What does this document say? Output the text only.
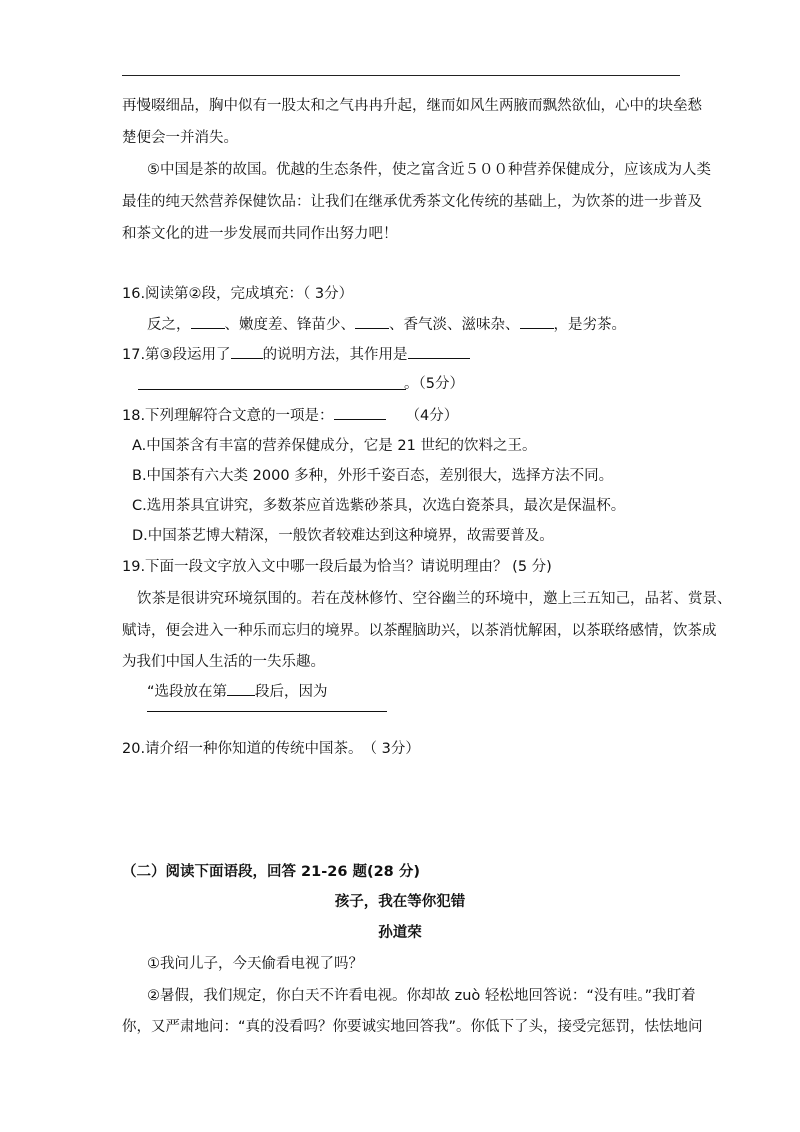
再慢啜细品，胸中似有一股太和之气冉冉升起，继而如风生两腋而飘然欲仙，心中的块垒愁
楚便会一并消失。
⑤中国是茶的故国。优越的生态条件，使之富含近５００种营养保健成分，应该成为人类
最佳的纯天然营养保健饮品：让我们在继承优秀茶文化传统的基础上，为饮茶的进一步普及
和茶文化的进一步发展而共同作出努力吧！
16.阅读第②段，完成填充：（ 3分）
反之， 、嫩度差、锋苗少、 、香气淡、滋味杂、 ，是劣茶。
17.第③段运用了 的说明方法，其作用是
。（5分）
18.下列理解符合文意的一项是：	（4分）
A.中国茶含有丰富的营养保健成分，它是 21 世纪的饮料之王。
B.中国茶有六大类 2000 多种，外形千姿百态，差别很大，选择方法不同。
C.选用茶具宜讲究，多数茶应首选紫砂茶具，次选白瓷茶具，最次是保温杯。
D.中国茶艺博大精深，一般饮者较难达到这种境界，故需要普及。
19.下面一段文字放入文中哪一段后最为恰当？请说明理由？ (5 分)
饮茶是很讲究环境氛围的。若在茂林修竹、空谷幽兰的环境中，邀上三五知己，品茗、赏景、
赋诗，便会进入一种乐而忘归的境界。以茶醒脑助兴，以茶消忧解困，以茶联络感情，饮茶成
为我们中国人生活的一失乐趣。
“选段放在第 段后，因为
20.请介绍一种你知道的传统中国茶。　（ 3分）
（二）阅读下面语段，回答 21-26 题(28 分)
孩子，我在等你犯错
孙道荣
①我问儿子，今天偷看电视了吗？
②暑假，我们规定，你白天不许看电视。你却故 zuò 轻松地回答说：“没有哇。”我盯着
你，又严肃地问：“真的没看吗？你要诚实地回答我”。你低下了头，接受完惩罚，怯怯地问
